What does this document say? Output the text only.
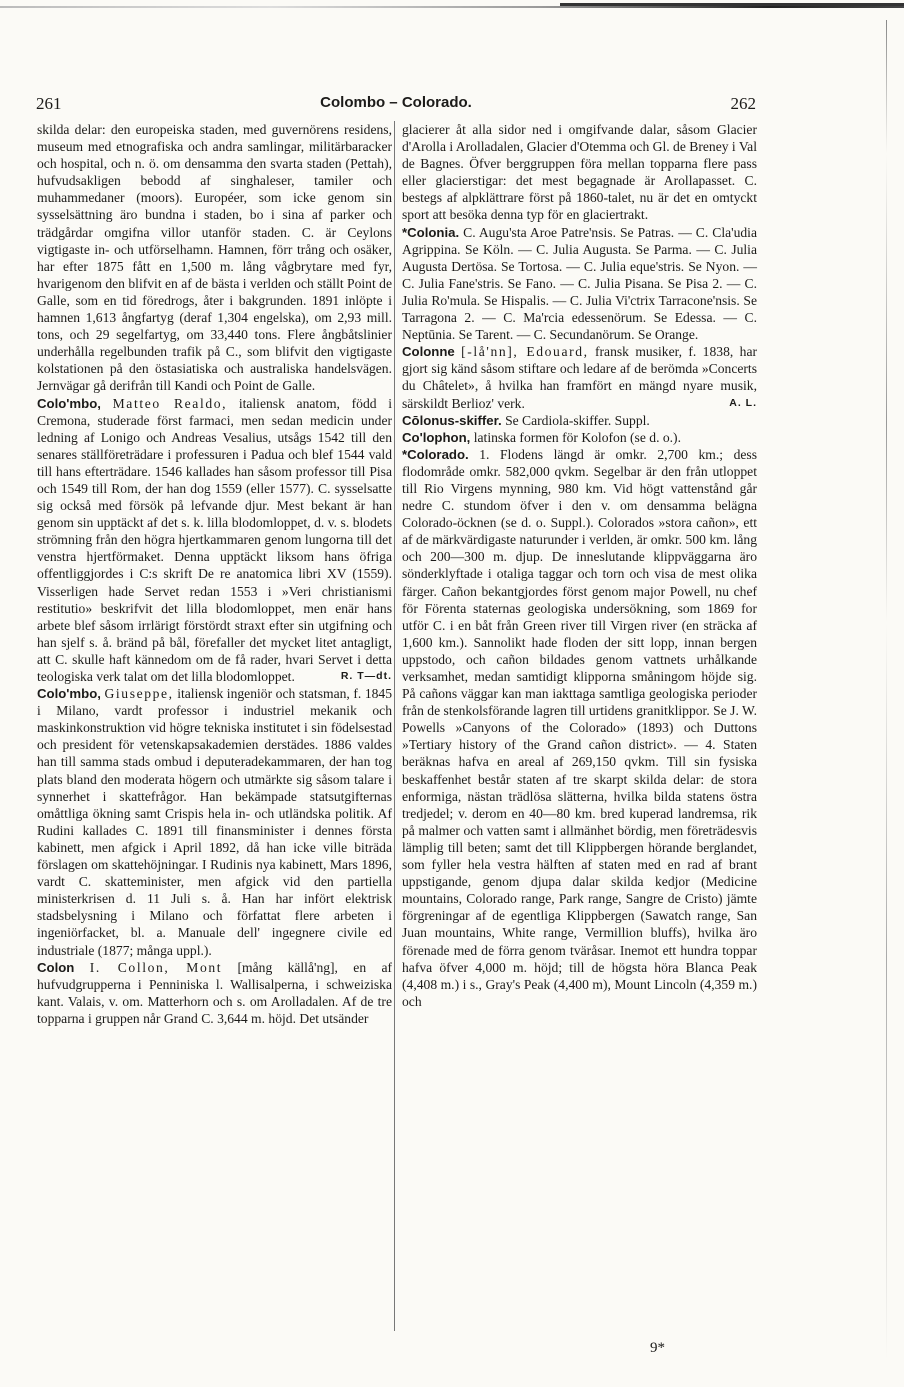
261	Colombo – Colorado.	262

skilda delar: den europeiska staden, med guvernörens residens, museum med etnografiska och andra samlingar, militärbaracker och hospital, och n. ö. om densamma den svarta staden (Pettah), hufvudsakligen bebodd af singhaleser, tamiler och muhammedaner (moors). Européer, som icke genom sin sysselsättning äro bundna i staden, bo i sina af parker och trädgårdar omgifna villor utanför staden. C. är Ceylons vigtigaste in- och utförselhamn. Hamnen, förr trång och osäker, har efter 1875 fått en 1,500 m. lång vågbrytare med fyr, hvarigenom den blifvit en af de bästa i verlden och ställt Point de Galle, som en tid föredrogs, åter i bakgrunden. 1891 inlöpte i hamnen 1,613 ångfartyg (deraf 1,304 engelska), om 2,93 mill. tons, och 29 segelfartyg, om 33,440 tons. Flere ångbåtslinier underhålla regelbunden trafik på C., som blifvit den vigtigaste kolstationen på den östasiatiska och australiska handelsvägen. Jernvägar gå derifrån till Kandi och Point de Galle.

Colo'mbo, Matteo Realdo, italiensk anatom, född i Cremona, studerade först farmaci, men sedan medicin under ledning af Lonigo och Andreas Vesalius, utsågs 1542 till den senares ställföreträdare i professuren i Padua och blef 1544 vald till hans efterträdare. 1546 kallades han såsom professor till Pisa och 1549 till Rom, der han dog 1559 (eller 1577). C. sysselsatte sig också med försök på lefvande djur. Mest bekant är han genom sin upptäckt af det s. k. lilla blodomloppet, d. v. s. blodets strömning från den högra hjertkammaren genom lungorna till det venstra hjertförmaket. Denna upptäckt liksom hans öfriga offentliggjordes i C:s skrift De re anatomica libri XV (1559). Visserligen hade Servet redan 1553 i »Veri christianismi restitutio» beskrifvit det lilla blodomloppet, men enär hans arbete blef såsom irrlärigt förstördt straxt efter sin utgifning och han sjelf s. å. bränd på bål, förefaller det mycket litet antagligt, att C. skulle haft kännedom om de få rader, hvari Servet i detta teologiska verk talat om det lilla blodomloppet.	R. T—dt.

Colo'mbo, Giuseppe, italiensk ingeniör och statsman, f. 1845 i Milano, vardt professor i industriel mekanik och maskinkonstruktion vid högre tekniska institutet i sin födelsestad och president för vetenskapsakademien derstädes. 1886 valdes han till samma stads ombud i deputeradekammaren, der han tog plats bland den moderata högern och utmärkte sig såsom talare i synnerhet i skattefrågor. Han bekämpade statsutgifternas omåttliga ökning samt Crispis hela in- och utländska politik. Af Rudini kallades C. 1891 till finansminister i dennes första kabinett, men afgick i April 1892, då han icke ville biträda förslagen om skattehöjningar. I Rudinis nya kabinett, Mars 1896, vardt C. skatteminister, men afgick vid den partiella ministerkrisen d. 11 Juli s. å. Han har infört elektrisk stadsbelysning i Milano och författat flere arbeten i ingeniörfacket, bl. a. Manuale dell' ingegnere civile ed industriale (1877; många uppl.).

Colon I. Collon, Mont [mång källå'ng], en af hufvudgrupperna i Penniniska l. Wallisalperna, i schweiziska kant. Valais, v. om. Matterhorn och s. om Arolladalen. Af de tre topparna i gruppen når Grand C. 3,644 m. höjd. Det utsänder

glacierer åt alla sidor ned i omgifvande dalar, såsom Glacier d'Arolla i Arolladalen, Glacier d'Otemma och Gl. de Breney i Val de Bagnes. Öfver berggruppen föra mellan topparna flere pass eller glacierstigar: det mest begagnade är Arollapasset. C. bestegs af alpklättrare först på 1860-talet, nu är det en omtyckt sport att besöka denna typ för en glaciertrakt.

*Colonia. C. Augu'sta Aroe Patre'nsis. Se Patras. — C. Cla'udia Agrippina. Se Köln. — C. Julia Augusta. Se Parma. — C. Julia Augusta Dertösa. Se Tortosa. — C. Julia eque'stris. Se Nyon. — C. Julia Fane'stris. Se Fano. — C. Julia Pisana. Se Pisa 2. — C. Julia Ro'mula. Se Hispalis. — C. Julia Vi'ctrix Tarracone'nsis. Se Tarragona 2. — C. Ma'rcia edessenörum. Se Edessa. — C. Neptūnia. Se Tarent. — C. Secundanörum. Se Orange.

Colonne [-lå'nn], Edouard, fransk musiker, f. 1838, har gjort sig känd såsom stiftare och ledare af de berömda »Concerts du Châtelet», å hvilka han framfört en mängd nyare musik, särskildt Berlioz' verk.	A. L.

Cōlonus-skiffer. Se Cardiola-skiffer. Suppl.

Co'lophon, latinska formen för Kolofon (se d. o.).

*Colorado. 1. Flodens längd är omkr. 2,700 km.; dess flodområde omkr. 582,000 qvkm. Segelbar är den från utloppet till Rio Virgens mynning, 980 km. Vid högt vattenstånd går nedre C. stundom öfver i den v. om densamma belägna Colorado-öcknen (se d. o. Suppl.). Colorados »stora cañon», ett af de märkvärdigaste naturunder i verlden, är omkr. 500 km. lång och 200—300 m. djup. De inneslutande klippväggarna äro sönderklyftade i otaliga taggar och torn och visa de mest olika färger. Cañon bekantgjordes först genom major Powell, nu chef för Förenta staternas geologiska undersökning, som 1869 for utför C. i en båt från Green river till Virgen river (en sträcka af 1,600 km.). Sannolikt hade floden der sitt lopp, innan bergen uppstodo, och cañon bildades genom vattnets urhålkande verksamhet, medan samtidigt klipporna småningom höjde sig. På cañons väggar kan man iakttaga samtliga geologiska perioder från de stenkolsförande lagren till urtidens granitklippor. Se J. W. Powells »Canyons of the Colorado» (1893) och Duttons »Tertiary history of the Grand cañon district». — 4. Staten beräknas hafva en areal af 269,150 qvkm. Till sin fysiska beskaffenhet består staten af tre skarpt skilda delar: de stora enformiga, nästan trädlösa slätterna, hvilka bilda statens östra tredjedel; v. derom en 40—80 km. bred kuperad landremsa, rik på malmer och vatten samt i allmänhet bördig, men företrädesvis lämplig till beten; samt det till Klippbergen hörande berglandet, som fyller hela vestra hälften af staten med en rad af brant uppstigande, genom djupa dalar skilda kedjor (Medicine mountains, Colorado range, Park range, Sangre de Cristo) jämte förgreningar af de egentliga Klippbergen (Sawatch range, San Juan mountains, White range, Vermillion bluffs), hvilka äro förenade med de förra genom tväråsar. Inemot ett hundra toppar hafva öfver 4,000 m. höjd; till de högsta höra Blanca Peak (4,408 m.) i s., Gray's Peak (4,400 m), Mount Lincoln (4,359 m.) och

9*
